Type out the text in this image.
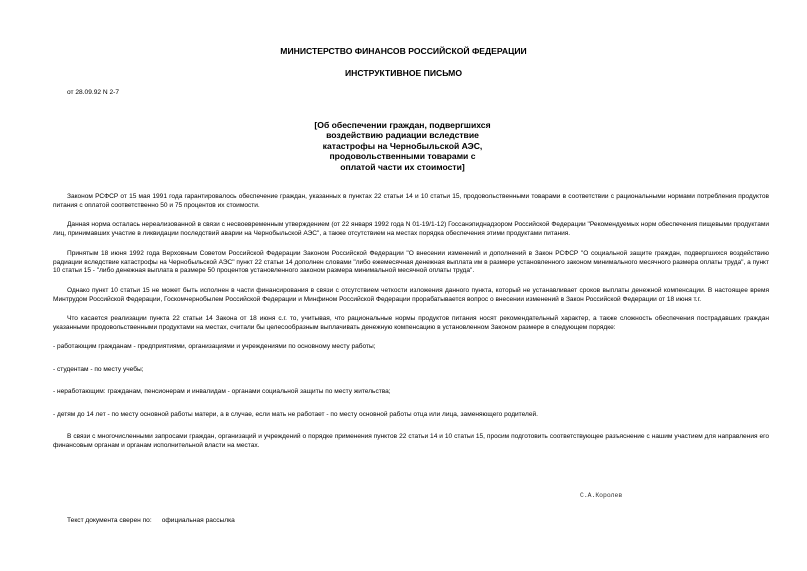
МИНИСТЕРСТВО ФИНАНСОВ РОССИЙСКОЙ ФЕДЕРАЦИИ
ИНСТРУКТИВНОЕ ПИСЬМО
от 28.09.92 N 2-7
[Об обеспечении граждан, подвергшихся
воздействию радиации вследствие
катастрофы на Чернобыльской АЭС,
продовольственными товарами с
оплатой части их стоимости]

Законом РСФСР от 15 мая 1991 года гарантировалось обеспечение граждан, указанных в пунктах 22 статьи 14 и 10 статьи 15, продовольственными товарами в соответствии с рациональными нормами потребления продуктов питания с оплатой соответственно 50 и 75 процентов их стоимости.

Данная норма осталась нереализованной в связи с несвоевременным утверждением (от 22 января 1992 года N 01-19/1-12) Госсанэпиднадзором Российской Федерации "Рекомендуемых норм обеспечения пищевыми продуктами лиц, принимавших участие в ликвидации последствий аварии на Чернобыльской АЭС", а также отсутствием на местах порядка обеспечения этими продуктами питания.

Принятым 18 июня 1992 года Верховным Советом Российской Федерации Законом Российской Федерации "О внесении изменений и дополнений в Закон РСФСР "О социальной защите граждан, подвергшихся воздействию радиации вследствие катастрофы на Чернобыльской АЭС" пункт 22 статьи 14 дополнен словами "либо ежемесячная денежная выплата им в размере установленного законом минимального месячного размера оплаты труда", а пункт 10 статьи 15 - "либо денежная выплата в размере 50 процентов установленного законом размера минимальной месячной оплаты труда".

Однако пункт 10 статьи 15 не может быть исполнен в части финансирования в связи с отсутствием четкости изложения данного пункта, который не устанавливает сроков выплаты денежной компенсации. В настоящее время Минтрудом Российской Федерации, Госкомчернобылем Российской Федерации и Минфином Российской Федерации прорабатывается вопрос о внесении изменений в Закон Российской Федерации от 18 июня т.г.

Что касается реализации пункта 22 статьи 14 Закона от 18 июня с.г. то, учитывая, что рациональные нормы продуктов питания носят рекомендательный характер, а также сложность обеспечения пострадавших граждан указанными продовольственными продуктами на местах, считали бы целесообразным выплачивать денежную компенсацию в установленном Законом размере в следующем порядке:

- работающим гражданам - предприятиями, организациями и учреждениями по основному месту работы;

- студентам - по месту учебы;

- неработающим: гражданам, пенсионерам и инвалидам - органами социальной защиты по месту жительства;

- детям до 14 лет - по месту основной работы матери, а в случае, если мать не работает - по месту основной работы отца или лица, заменяющего родителей.

В связи с многочисленными запросами граждан, организаций и учреждений о порядке применения пунктов 22 статьи 14 и 10 статьи 15, просим подготовить соответствующее разъяснение с нашим участием для направления его финансовым органам и органам исполнительной власти на местах.

С.А.Королев
Текст документа сверен по: официальная рассылка
